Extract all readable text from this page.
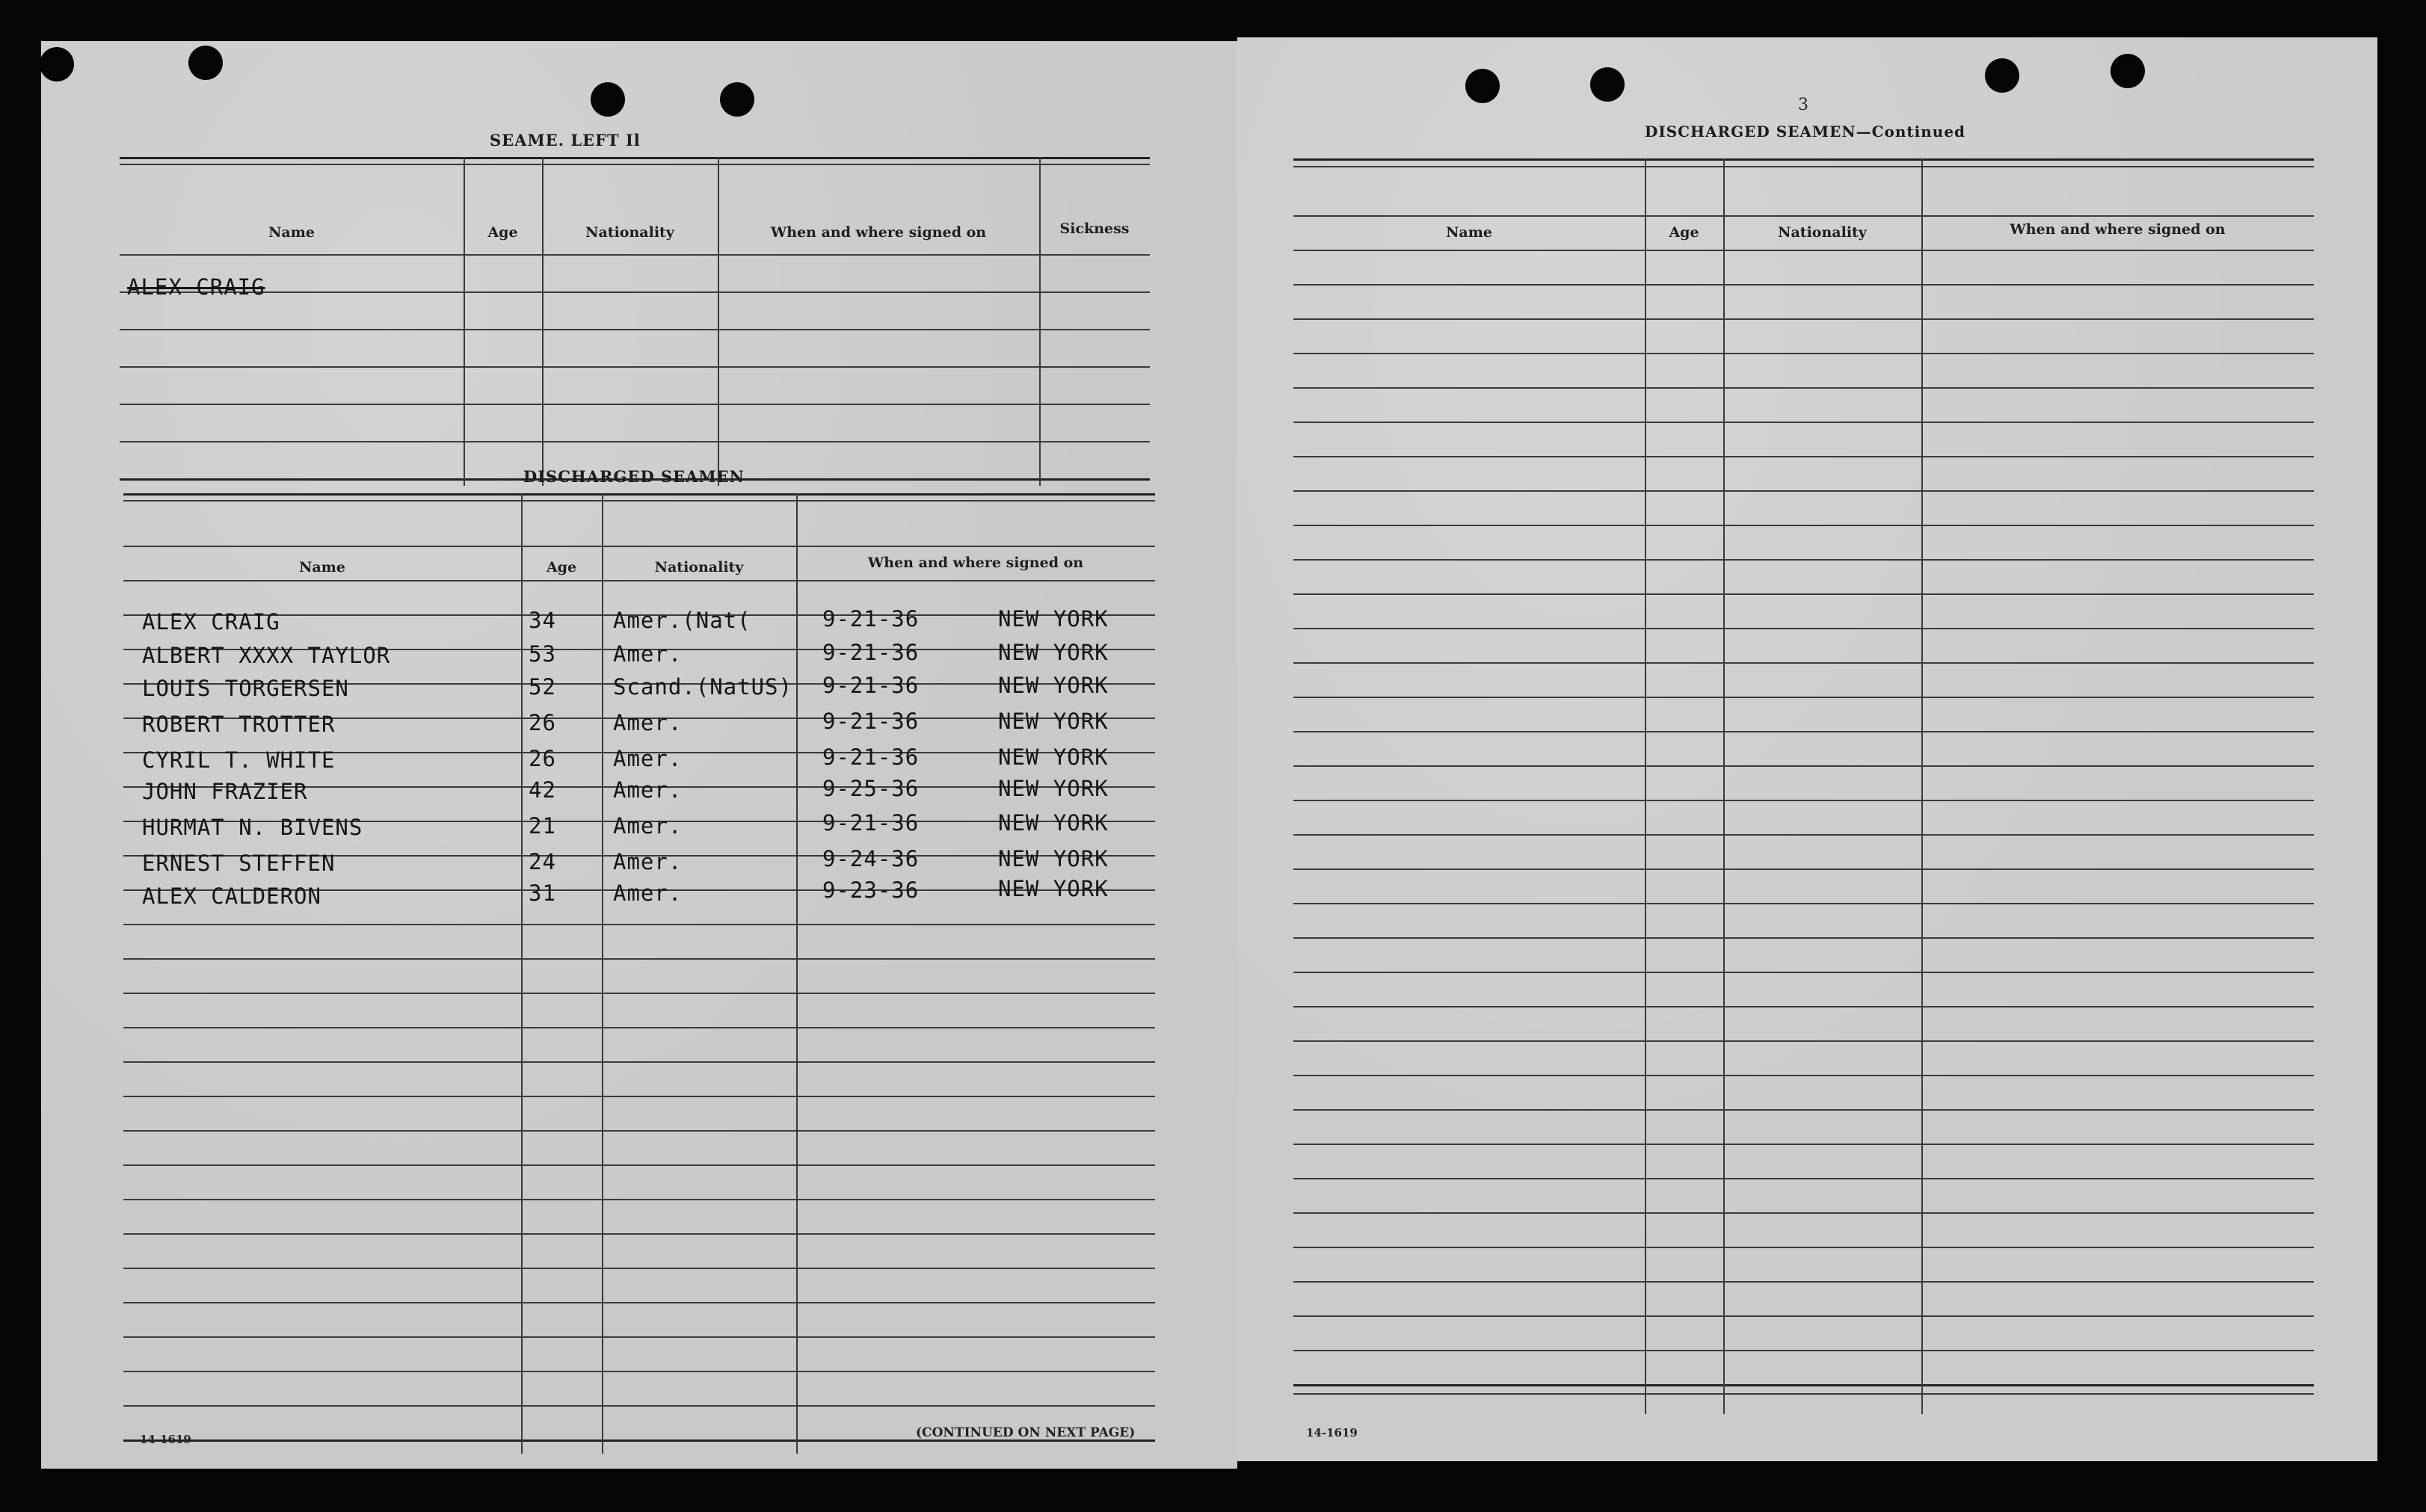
SEAME. LEFT Il
Name	Age	Nationality	When and where signed on	Sickness
ALEX CRAIG
DISCHARGED SEAMEN
Name	Age	Nationality	When and where signed on
ALEX CRAIG	34	Amer.(Nat(	9-21-36	NEW YORK
ALBERT XXXX TAYLOR	53	Amer.	9-21-36	NEW YORK
LOUIS TORGERSEN	52	Scand.(NatUS) 9-21-36	NEW YORK
ROBERT TROTTER	26	Amer.	9-21-36	NEW YORK
CYRIL T. WHITE	26	Amer.	9-21-36	NEW YORK
JOHN FRAZIER	42	Amer.	9-25-36	NEW YORK
HURMAT N. BIVENS	21	Amer.	9-21-36	NEW YORK
ERNEST STEFFEN	24	Amer.	9-24-36	NEW YORK
ALEX CALDERON	31	Amer.	9-23-36	NEW YORK
14-1619	(CONTINUED ON NEXT PAGE)
3
DISCHARGED SEAMEN—Continued
Name	Age	Nationality	When and where signed on
14-1619
